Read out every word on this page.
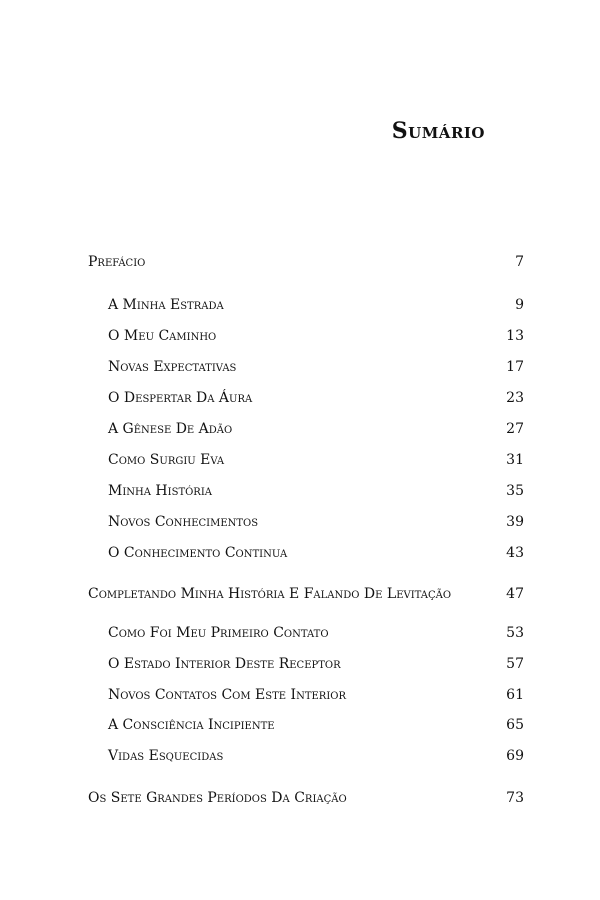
Sumário
Prefácio	7
A Minha Estrada	9
O Meu Caminho	13
Novas Expectativas	17
O Despertar Da Áura	23
A Gênese De Adão	27
Como Surgiu Eva	31
Minha História	35
Novos Conhecimentos	39
O Conhecimento Continua	43
Completando Minha História E Falando De Levitação	47
Como Foi Meu Primeiro Contato	53
O Estado Interior Deste Receptor	57
Novos Contatos Com Este Interior	61
A Consciência Incipiente	65
Vidas Esquecidas	69
Os Sete Grandes Períodos Da Criação	73
